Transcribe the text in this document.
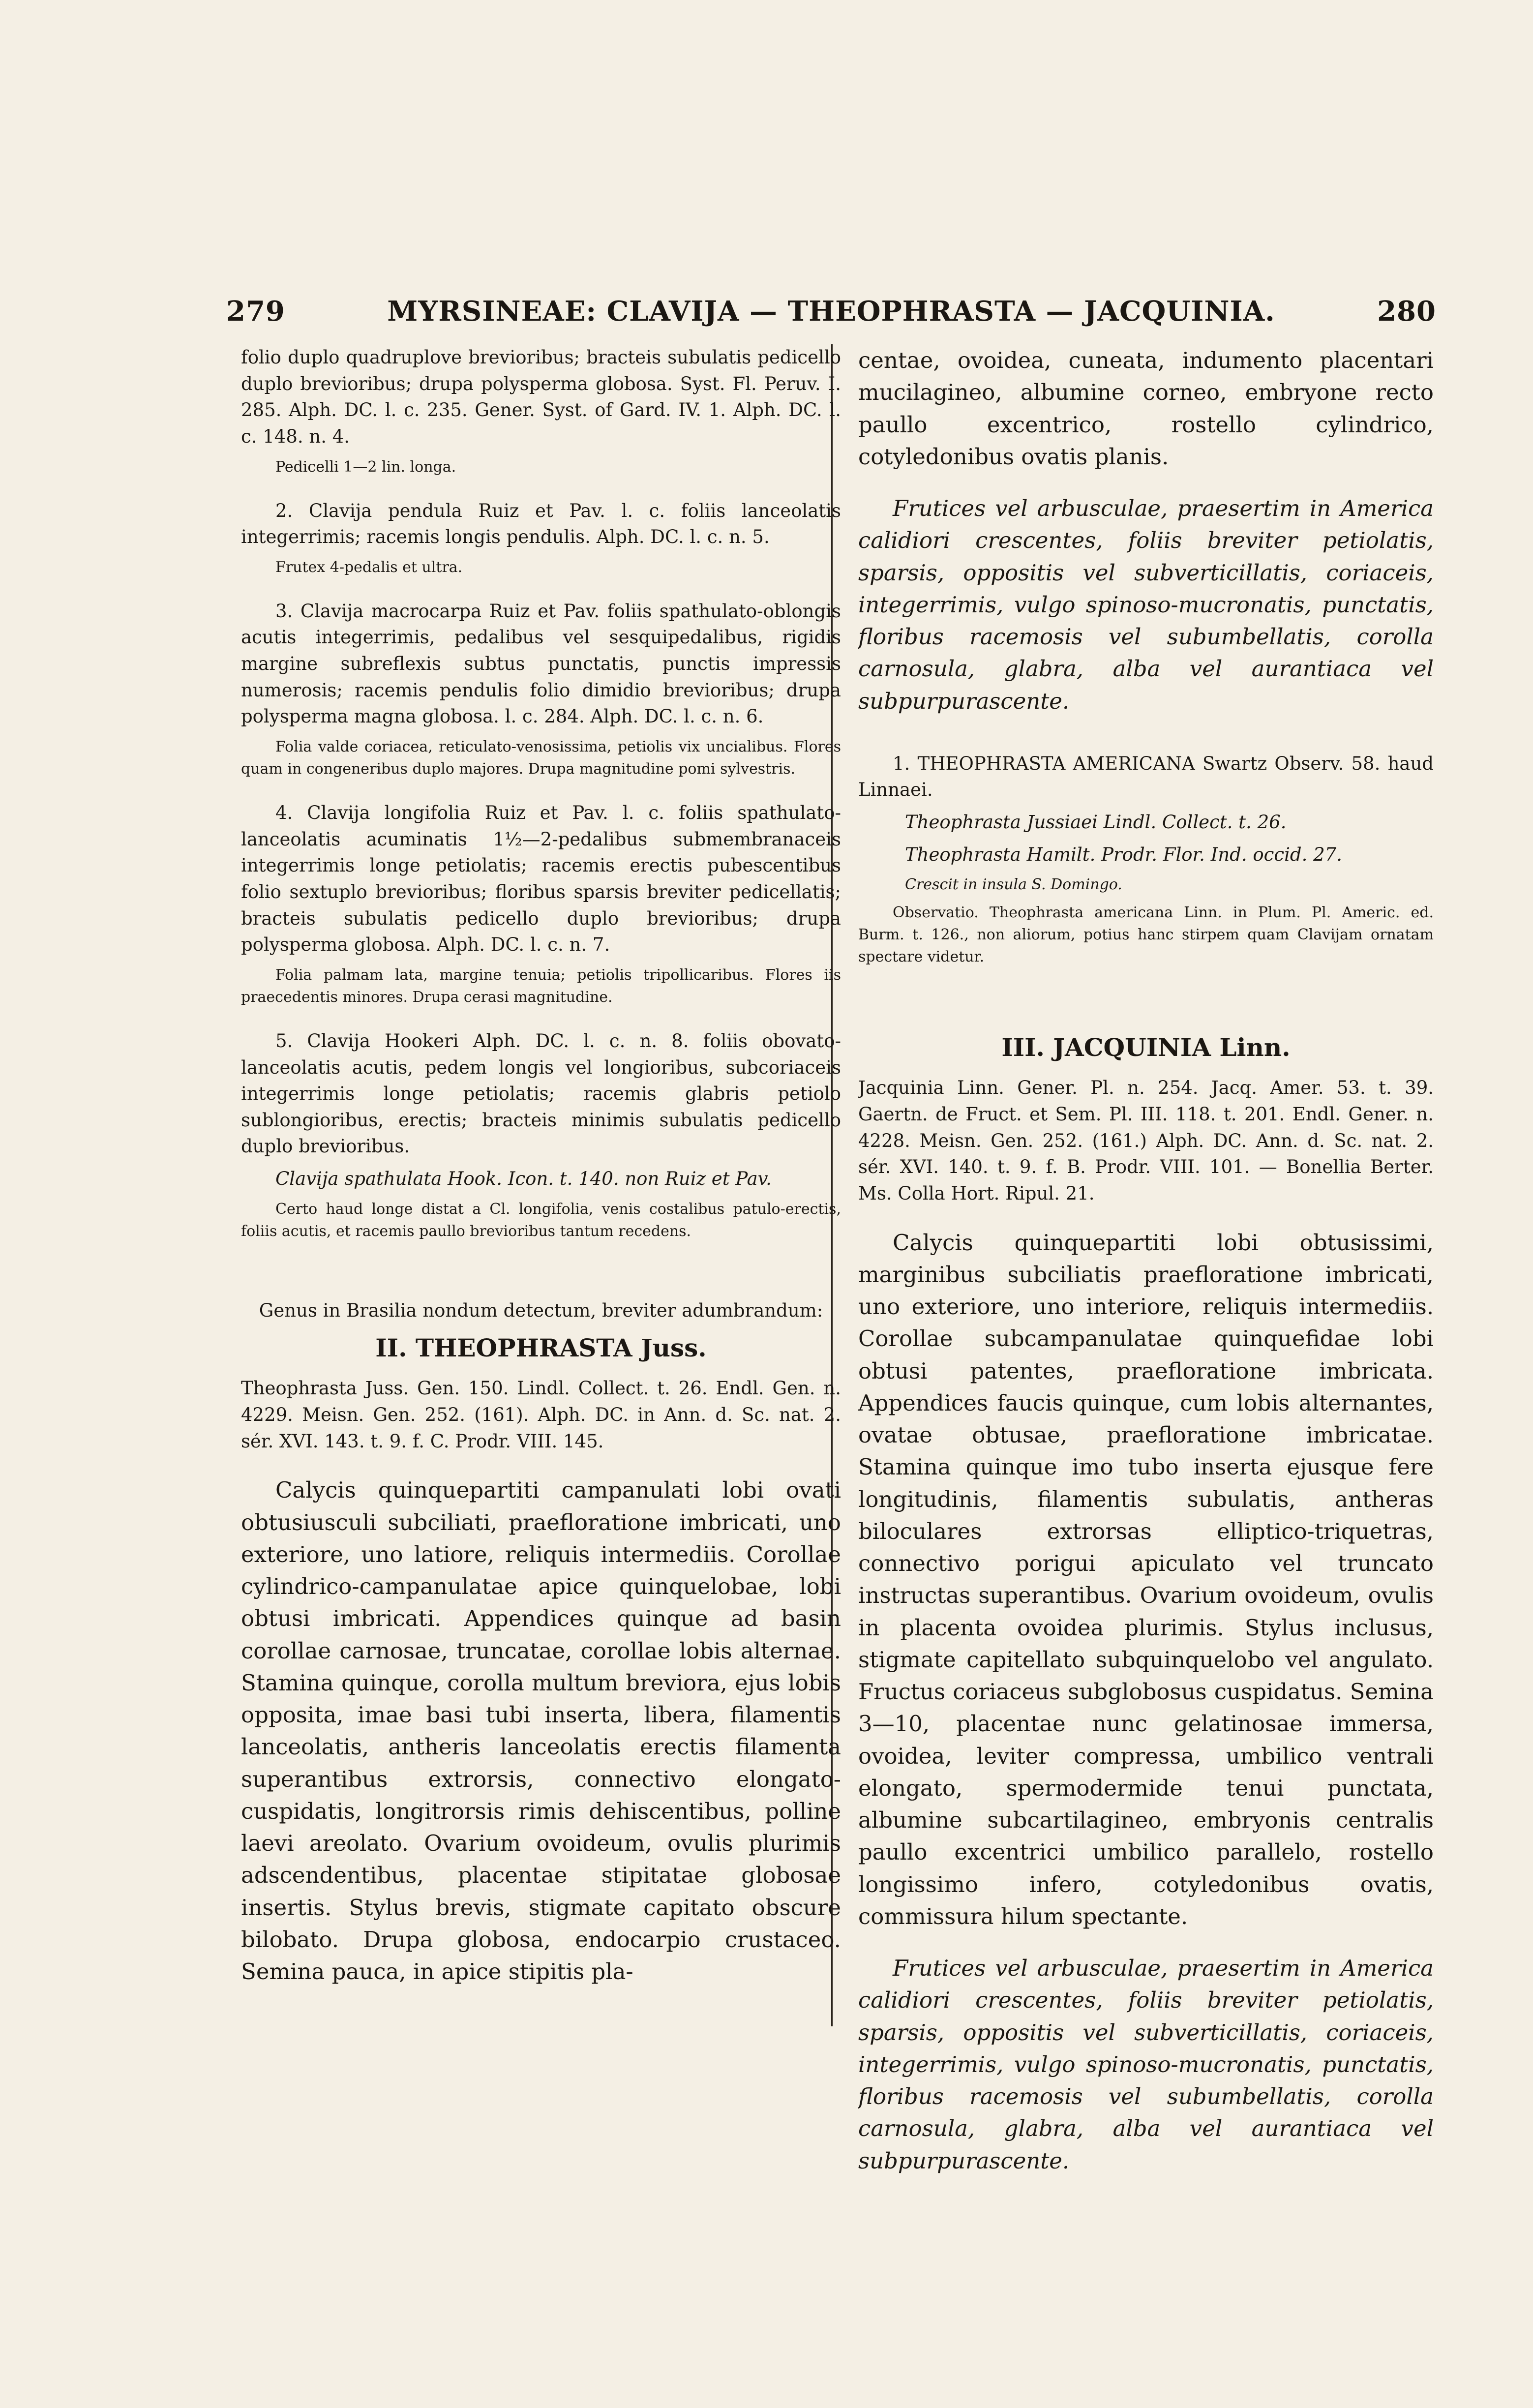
279	MYRSINEAE: CLAVIJA — THEOPHRASTA — JACQUINIA.	280

folio duplo quadruplove brevioribus; bracteis subulatis pedicello duplo brevioribus; drupa polysperma globosa. Syst. Fl. Peruv. I. 285. Alph. DC. l. c. 235. Gener. Syst. of Gard. IV. 1. Alph. DC. l. c. 148. n. 4.

Pedicelli 1—2 lin. longa.

2. Clavija pendula Ruiz et Pav. l. c. foliis lanceolatis integerrimis; racemis longis pendulis. Alph. DC. l. c. n. 5.

Frutex 4-pedalis et ultra.

3. Clavija macrocarpa Ruiz et Pav. foliis spathulato-oblongis acutis integerrimis, pedalibus vel sesquipedalibus, rigidis margine subreflexis subtus punctatis, punctis impressis numerosis; racemis pendulis folio dimidio brevioribus; drupa polysperma magna globosa. l. c. 284. Alph. DC. l. c. n. 6.

Folia valde coriacea, reticulato-venosissima, petiolis vix uncialibus. Flores quam in congeneribus duplo majores. Drupa magnitudine pomi sylvestris.

4. Clavija longifolia Ruiz et Pav. l. c. foliis spathulato-lanceolatis acuminatis 1½—2-pedalibus submembranaceis integerrimis longe petiolatis; racemis erectis pubescentibus folio sextuplo brevioribus; floribus sparsis breviter pedicellatis; bracteis subulatis pedicello duplo brevioribus; drupa polysperma globosa. Alph. DC. l. c. n. 7.

Folia palmam lata, margine tenuia; petiolis tripollicaribus. Flores iis praecedentis minores. Drupa cerasi magnitudine.

5. Clavija Hookeri Alph. DC. l. c. n. 8. foliis obovato-lanceolatis acutis, pedem longis vel longioribus, subcoriaceis integerrimis longe petiolatis; racemis glabris petiolo sublongioribus, erectis; bracteis minimis subulatis pedicello duplo brevioribus.

Clavija spathulata Hook. Icon. t. 140. non Ruiz et Pav.

Certo haud longe distat a Cl. longifolia, venis costalibus patulo-erectis, foliis acutis, et racemis paullo brevioribus tantum recedens.

Genus in Brasilia nondum detectum, breviter adumbrandum:

II. THEOPHRASTA Juss.

Theophrasta Juss. Gen. 150. Lindl. Collect. t. 26. Endl. Gen. n. 4229. Meisn. Gen. 252. (161). Alph. DC. in Ann. d. Sc. nat. 2. sér. XVI. 143. t. 9. f. C. Prodr. VIII. 145.

Calycis quinquepartiti campanulati lobi ovati obtusiusculi subciliati, praefloratione imbricati, uno exteriore, uno latiore, reliquis intermediis. Corollae cylindrico-campanulatae apice quinquelobae, lobi obtusi imbricati. Appendices quinque ad basin corollae carnosae, truncatae, corollae lobis alternae. Stamina quinque, corolla multum breviora, ejus lobis opposita, imae basi tubi inserta, libera, filamentis lanceolatis, antheris lanceolatis erectis filamenta superantibus extrorsis, connectivo elongato-cuspidatis, longitrorsis rimis dehiscentibus, polline laevi areolato. Ovarium ovoideum, ovulis plurimis adscendentibus, placentae stipitatae globosae insertis. Stylus brevis, stigmate capitato obscure bilobato. Drupa globosa, endocarpio crustaceo. Semina pauca, in apice stipitis pla-

centae, ovoidea, cuneata, indumento placentari mucilagineo, albumine corneo, embryone recto paullo excentrico, rostello cylindrico, cotyledonibus ovatis planis.

Frutices vel arbusculae, praesertim in America calidiori crescentes, foliis breviter petiolatis, sparsis, oppositis vel subverticillatis, coriaceis, integerrimis, vulgo spinoso-mucronatis, punctatis, floribus racemosis vel subumbellatis, corolla carnosula, glabra, alba vel aurantiaca vel subpurpurascente.

1. THEOPHRASTA AMERICANA Swartz Observ. 58. haud Linnaei.

Theophrasta Jussiaei Lindl. Collect. t. 26.

Theophrasta Hamilt. Prodr. Flor. Ind. occid. 27.

Crescit in insula S. Domingo.

Observatio. Theophrasta americana Linn. in Plum. Pl. Americ. ed. Burm. t. 126., non aliorum, potius hanc stirpem quam Clavijam ornatam spectare videtur.

III. JACQUINIA Linn.

Jacquinia Linn. Gener. Pl. n. 254. Jacq. Amer. 53. t. 39. Gaertn. de Fruct. et Sem. Pl. III. 118. t. 201. Endl. Gener. n. 4228. Meisn. Gen. 252. (161.) Alph. DC. Ann. d. Sc. nat. 2. sér. XVI. 140. t. 9. f. B. Prodr. VIII. 101. — Bonellia Berter. Ms. Colla Hort. Ripul. 21.

Calycis quinquepartiti lobi obtusissimi, marginibus subciliatis praefloratione imbricati, uno exteriore, uno interiore, reliquis intermediis. Corollae subcampanulatae quinquefidae lobi obtusi patentes, praefloratione imbricata. Appendices faucis quinque, cum lobis alternantes, ovatae obtusae, praefloratione imbricatae. Stamina quinque imo tubo inserta ejusque fere longitudinis, filamentis subulatis, antheras biloculares extrorsas elliptico-triquetras, connectivo porigui apiculato vel truncato instructas superantibus. Ovarium ovoideum, ovulis in placenta ovoidea plurimis. Stylus inclusus, stigmate capitellato subquinquelobo vel angulato. Fructus coriaceus subglobosus cuspidatus. Semina 3—10, placentae nunc gelatinosae immersa, ovoidea, leviter compressa, umbilico ventrali elongato, spermodermide tenui punctata, albumine subcartilagineo, embryonis centralis paullo excentrici umbilico parallelo, rostello longissimo infero, cotyledonibus ovatis, commissura hilum spectante.

Frutices vel arbusculae, praesertim in America calidiori crescentes, foliis breviter petiolatis, sparsis, oppositis vel subverticillatis, coriaceis, integerrimis, vulgo spinoso-mucronatis, punctatis, floribus racemosis vel subumbellatis, corolla carnosula, glabra, alba vel aurantiaca vel subpurpurascente.
